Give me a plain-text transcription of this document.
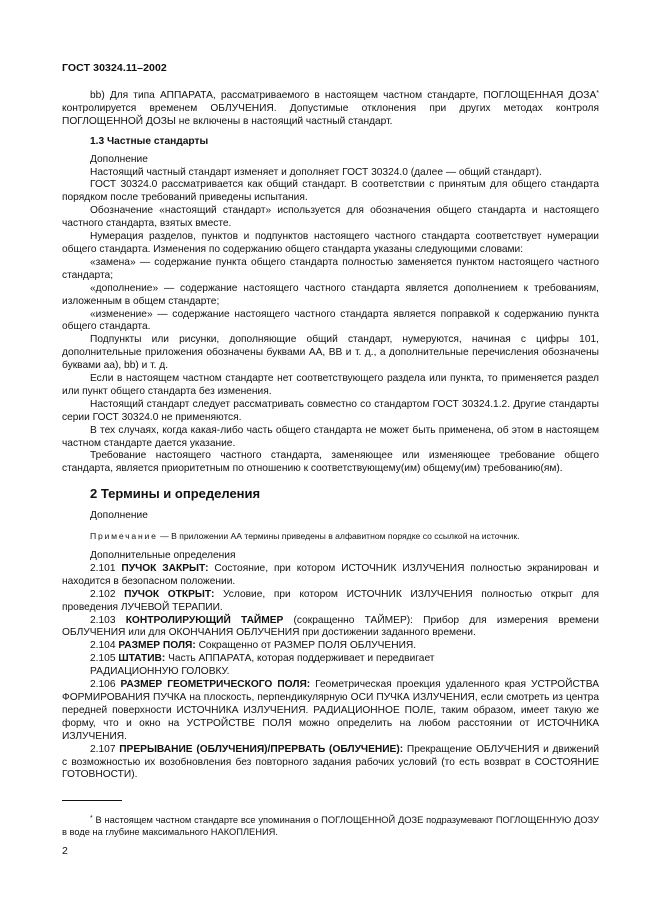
ГОСТ 30324.11–2002

bb) Для типа АППАРАТА, рассматриваемого в настоящем частном стандарте, ПОГЛОЩЕННАЯ ДОЗА* контролируется временем ОБЛУЧЕНИЯ. Допустимые отклонения при других методах контроля ПОГЛОЩЕННОЙ ДОЗЫ не включены в настоящий частный стандарт.

1.3 Частные стандарты

Дополнение

Настоящий частный стандарт изменяет и дополняет ГОСТ 30324.0 (далее — общий стандарт).

ГОСТ 30324.0 рассматривается как общий стандарт. В соответствии с принятым для общего стандарта порядком после требований приведены испытания.

Обозначение «настоящий стандарт» используется для обозначения общего стандарта и настоящего частного стандарта, взятых вместе.

Нумерация разделов, пунктов и подпунктов настоящего частного стандарта соответствует нумерации общего стандарта. Изменения по содержанию общего стандарта указаны следующими словами:

«замена» — содержание пункта общего стандарта полностью заменяется пунктом настоящего частного стандарта;

«дополнение» — содержание настоящего частного стандарта является дополнением к требованиям, изложенным в общем стандарте;

«изменение» — содержание настоящего частного стандарта является поправкой к содержанию пункта общего стандарта.

Подпункты или рисунки, дополняющие общий стандарт, нумеруются, начиная с цифры 101, дополнительные приложения обозначены буквами АА, ВВ и т. д., а дополнительные перечисления обозначены буквами aa), bb) и т. д.

Если в настоящем частном стандарте нет соответствующего раздела или пункта, то применяется раздел или пункт общего стандарта без изменения.

Настоящий стандарт следует рассматривать совместно со стандартом ГОСТ 30324.1.2. Другие стандарты серии ГОСТ 30324.0 не применяются.

В тех случаях, когда какая-либо часть общего стандарта не может быть применена, об этом в настоящем частном стандарте дается указание.

Требование настоящего частного стандарта, заменяющее или изменяющее требование общего стандарта, является приоритетным по отношению к соответствующему(им) общему(им) требованию(ям).

2 Термины и определения

Дополнение

Примечание — В приложении АА термины приведены в алфавитном порядке со ссылкой на источник.

Дополнительные определения

2.101 ПУЧОК ЗАКРЫТ: Состояние, при котором ИСТОЧНИК ИЗЛУЧЕНИЯ полностью экранирован и находится в безопасном положении.

2.102 ПУЧОК ОТКРЫТ: Условие, при котором ИСТОЧНИК ИЗЛУЧЕНИЯ полностью открыт для проведения ЛУЧЕВОЙ ТЕРАПИИ.

2.103 КОНТРОЛИРУЮЩИЙ ТАЙМЕР (сокращенно ТАЙМЕР): Прибор для измерения времени ОБЛУЧЕНИЯ или для ОКОНЧАНИЯ ОБЛУЧЕНИЯ при достижении заданного времени.

2.104 РАЗМЕР ПОЛЯ: Сокращенно от РАЗМЕР ПОЛЯ ОБЛУЧЕНИЯ.

2.105 ШТАТИВ: Часть АППАРАТА, которая поддерживает и передвигает

РАДИАЦИОННУЮ ГОЛОВКУ.

2.106 РАЗМЕР ГЕОМЕТРИЧЕСКОГО ПОЛЯ: Геометрическая проекция удаленного края УСТРОЙСТВА ФОРМИРОВАНИЯ ПУЧКА на плоскость, перпендикулярную ОСИ ПУЧКА ИЗЛУЧЕНИЯ, если смотреть из центра передней поверхности ИСТОЧНИКА ИЗЛУЧЕНИЯ. РАДИАЦИОННОЕ ПОЛЕ, таким образом, имеет такую же форму, что и окно на УСТРОЙСТВЕ ПОЛЯ можно определить на любом расстоянии от ИСТОЧНИКА ИЗЛУЧЕНИЯ.

2.107 ПРЕРЫВАНИЕ (ОБЛУЧЕНИЯ)/ПРЕРВАТЬ (ОБЛУЧЕНИЕ): Прекращение ОБЛУЧЕНИЯ и движений с возможностью их возобновления без повторного задания рабочих условий (то есть возврат в СОСТОЯНИЕ ГОТОВНОСТИ).

* В настоящем частном стандарте все упоминания о ПОГЛОЩЕННОЙ ДОЗЕ подразумевают ПОГЛОЩЕННУЮ ДОЗУ в воде на глубине максимального НАКОПЛЕНИЯ.

2
